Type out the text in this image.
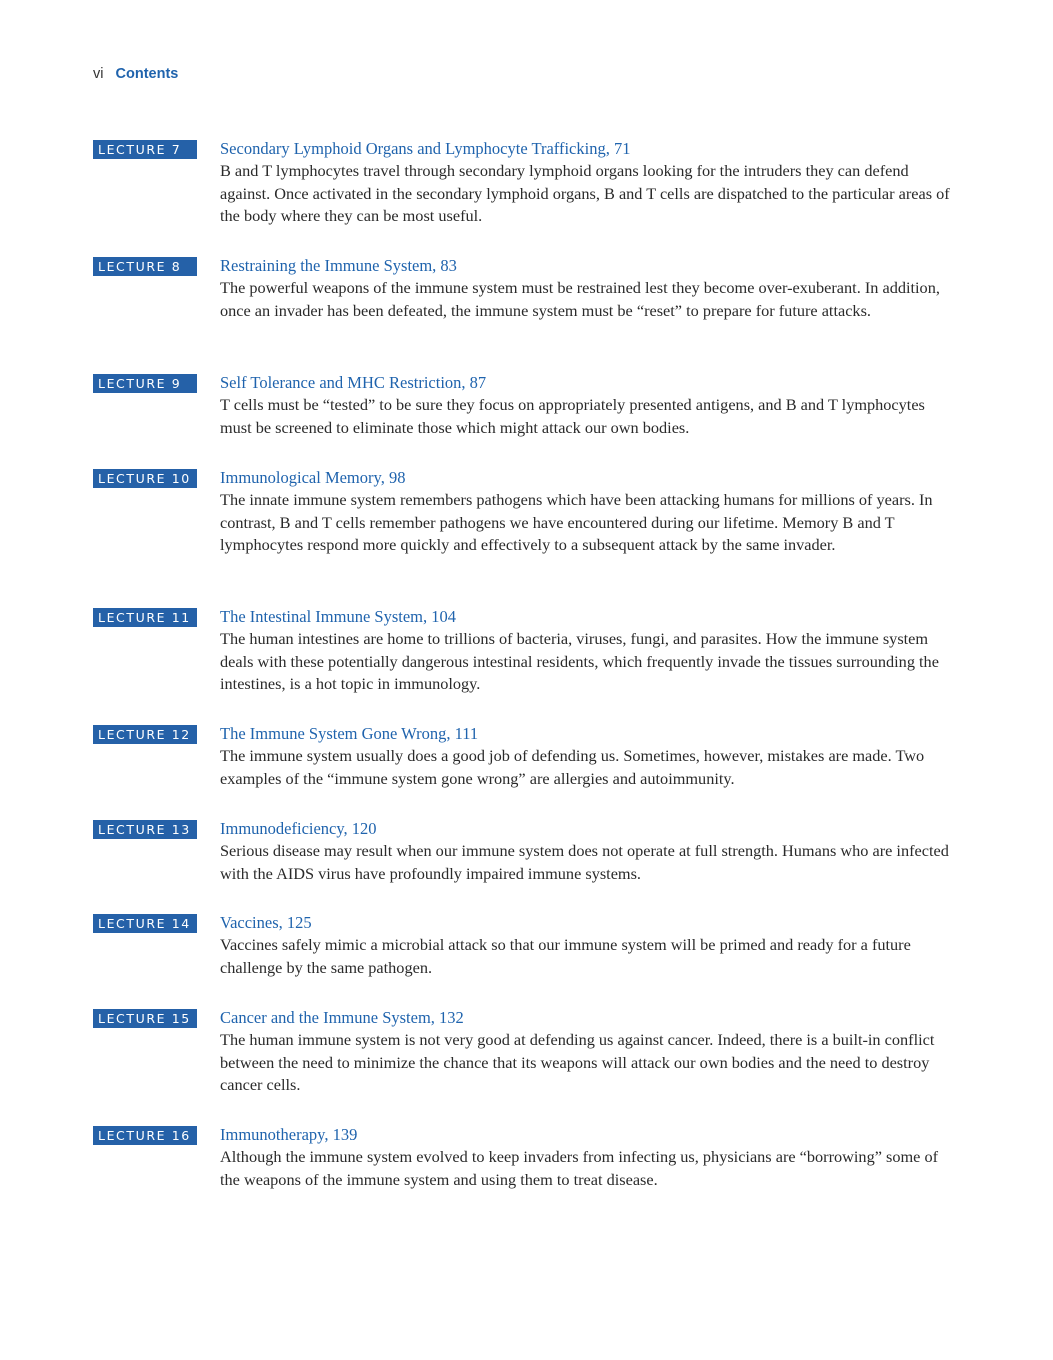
vi Contents
LECTURE 7	Secondary Lymphoid Organs and Lymphocyte Trafficking, 71
B and T lymphocytes travel through secondary lymphoid organs looking for the intruders they can defend against. Once activated in the secondary lymphoid organs, B and T cells are dispatched to the particular areas of the body where they can be most useful.
LECTURE 8	Restraining the Immune System, 83
The powerful weapons of the immune system must be restrained lest they become over-exuberant. In addition, once an invader has been defeated, the immune system must be “reset” to prepare for future attacks.
LECTURE 9	Self Tolerance and MHC Restriction, 87
T cells must be “tested” to be sure they focus on appropriately presented antigens, and B and T lymphocytes must be screened to eliminate those which might attack our own bodies.
LECTURE 10	Immunological Memory, 98
The innate immune system remembers pathogens which have been attacking humans for millions of years. In contrast, B and T cells remember pathogens we have encountered during our lifetime. Memory B and T lymphocytes respond more quickly and effectively to a subsequent attack by the same invader.
LECTURE 11	The Intestinal Immune System, 104
The human intestines are home to trillions of bacteria, viruses, fungi, and parasites. How the immune system deals with these potentially dangerous intestinal residents, which frequently invade the tissues surrounding the intestines, is a hot topic in immunology.
LECTURE 12	The Immune System Gone Wrong, 111
The immune system usually does a good job of defending us. Sometimes, however, mistakes are made. Two examples of the “immune system gone wrong” are allergies and autoimmunity.
LECTURE 13	Immunodeficiency, 120
Serious disease may result when our immune system does not operate at full strength. Humans who are infected with the AIDS virus have profoundly impaired immune systems.
LECTURE 14	Vaccines, 125
Vaccines safely mimic a microbial attack so that our immune system will be primed and ready for a future challenge by the same pathogen.
LECTURE 15	Cancer and the Immune System, 132
The human immune system is not very good at defending us against cancer. Indeed, there is a built-in conflict between the need to minimize the chance that its weapons will attack our own bodies and the need to destroy cancer cells.
LECTURE 16	Immunotherapy, 139
Although the immune system evolved to keep invaders from infecting us, physicians are “borrowing” some of the weapons of the immune system and using them to treat disease.
